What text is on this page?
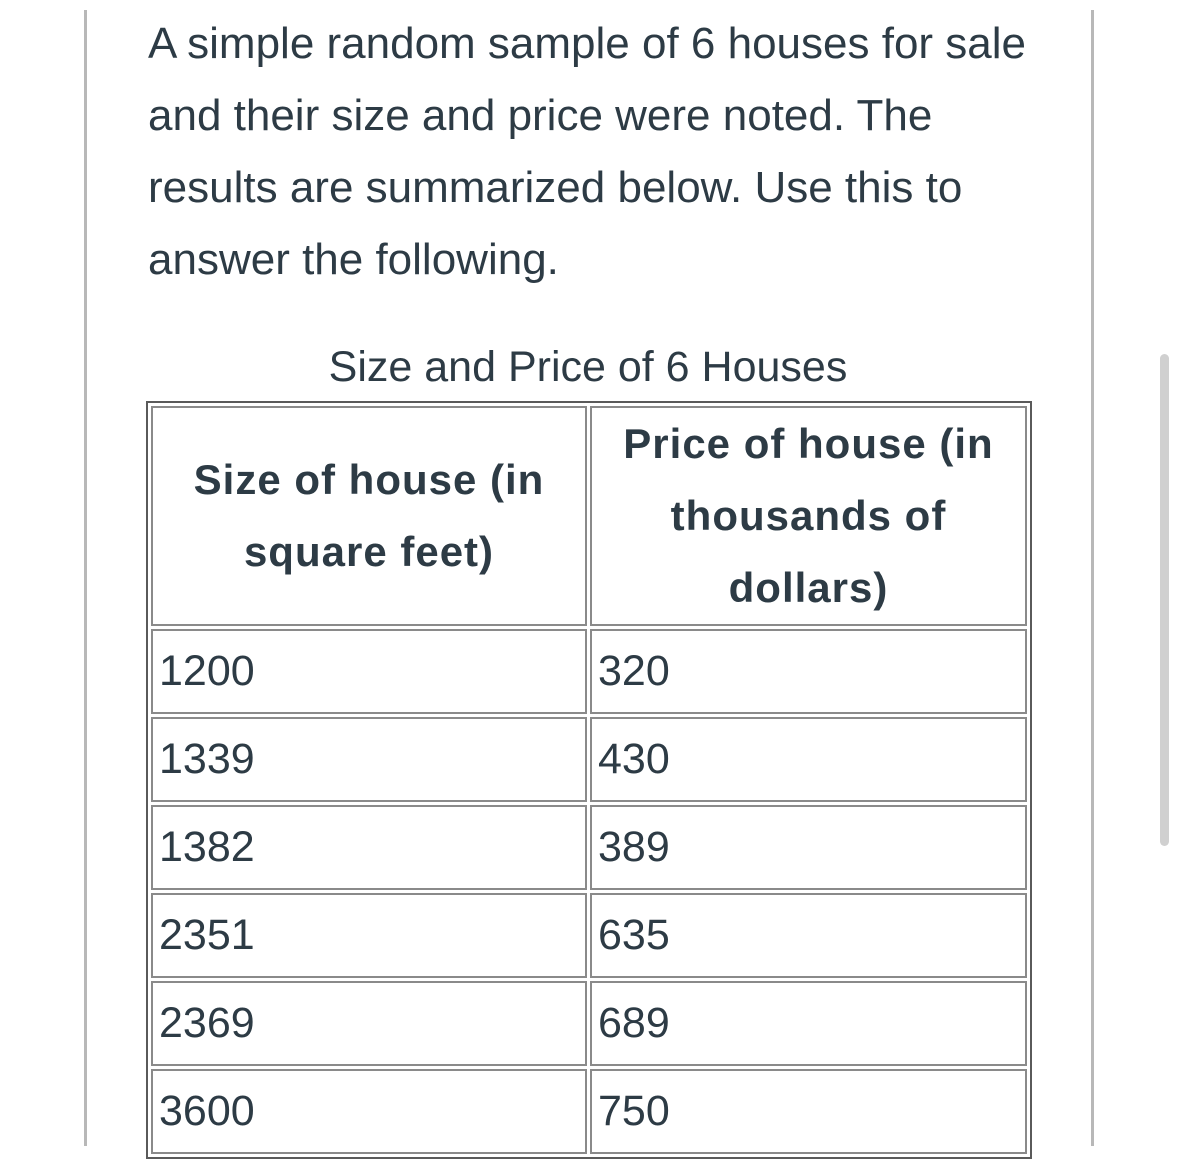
A simple random sample of 6 houses for sale and their size and price were noted. The results are summarized below. Use this to answer the following.

Size and Price of 6 Houses
Size of house (in square feet)	Price of house (in thousands of dollars)
1200	320
1339	430
1382	389
2351	635
2369	689
3600	750
